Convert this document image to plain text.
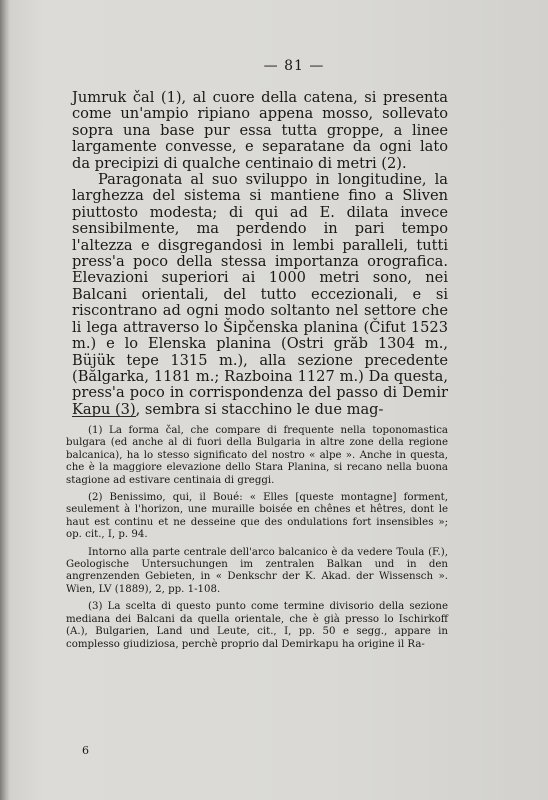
— 81 —

Jumruk čal (1), al cuore della catena, si presenta come un'ampio ripiano appena mosso, sollevato sopra una base pur essa tutta groppe, a linee largamente convesse, e separatane da ogni lato da precipizi di qualche centinaio di metri (2).

Paragonata al suo sviluppo in longitudine, la larghezza del sistema si mantiene fino a Sliven piuttosto modesta; di qui ad E. dilata invece sensibilmente, ma perdendo in pari tempo l'altezza e disgregandosi in lembi paralleli, tutti press'a poco della stessa importanza orografica. Elevazioni superiori ai 1000 metri sono, nei Balcani orientali, del tutto eccezionali, e si riscontrano ad ogni modo soltanto nel settore che li lega attraverso lo Šipčenska planina (Čifut 1523 m.) e lo Elenska planina (Ostri grăb 1304 m., Büjük tepe 1315 m.), alla sezione precedente (Bălgarka, 1181 m.; Razboina 1127 m.) Da questa, press'a poco in corrispondenza del passo di Demir Kapu (3), sembra si stacchino le due mag-

(1) La forma čal, che compare di frequente nella toponomastica bulgara (ed anche al di fuori della Bulgaria in altre zone della regione balcanica), ha lo stesso significato del nostro « alpe ». Anche in questa, che è la maggiore elevazione dello Stara Planina, si recano nella buona stagione ad estivare centinaia di greggi.

(2) Benissimo, qui, il Boué: « Elles [queste montagne] forment, seulement à l'horizon, une muraille boisée en chênes et hêtres, dont le haut est continu et ne desseine que des ondulations fort insensibles »; op. cit., I, p. 94.

Intorno alla parte centrale dell'arco balcanico è da vedere Toula (F.), Geologische Untersuchungen im zentralen Balkan und in den angrenzenden Gebieten, in « Denkschr der K. Akad. der Wissensch ». Wien, LV (1889), 2, pp. 1-108.

(3) La scelta di questo punto come termine divisorio della sezione mediana dei Balcani da quella orientale, che è già presso lo Ischirkoff (A.), Bulgarien, Land und Leute, cit., I, pp. 50 e segg., appare in complesso giudiziosa, perchè proprio dal Demirkapu ha origine il Ra-

6
